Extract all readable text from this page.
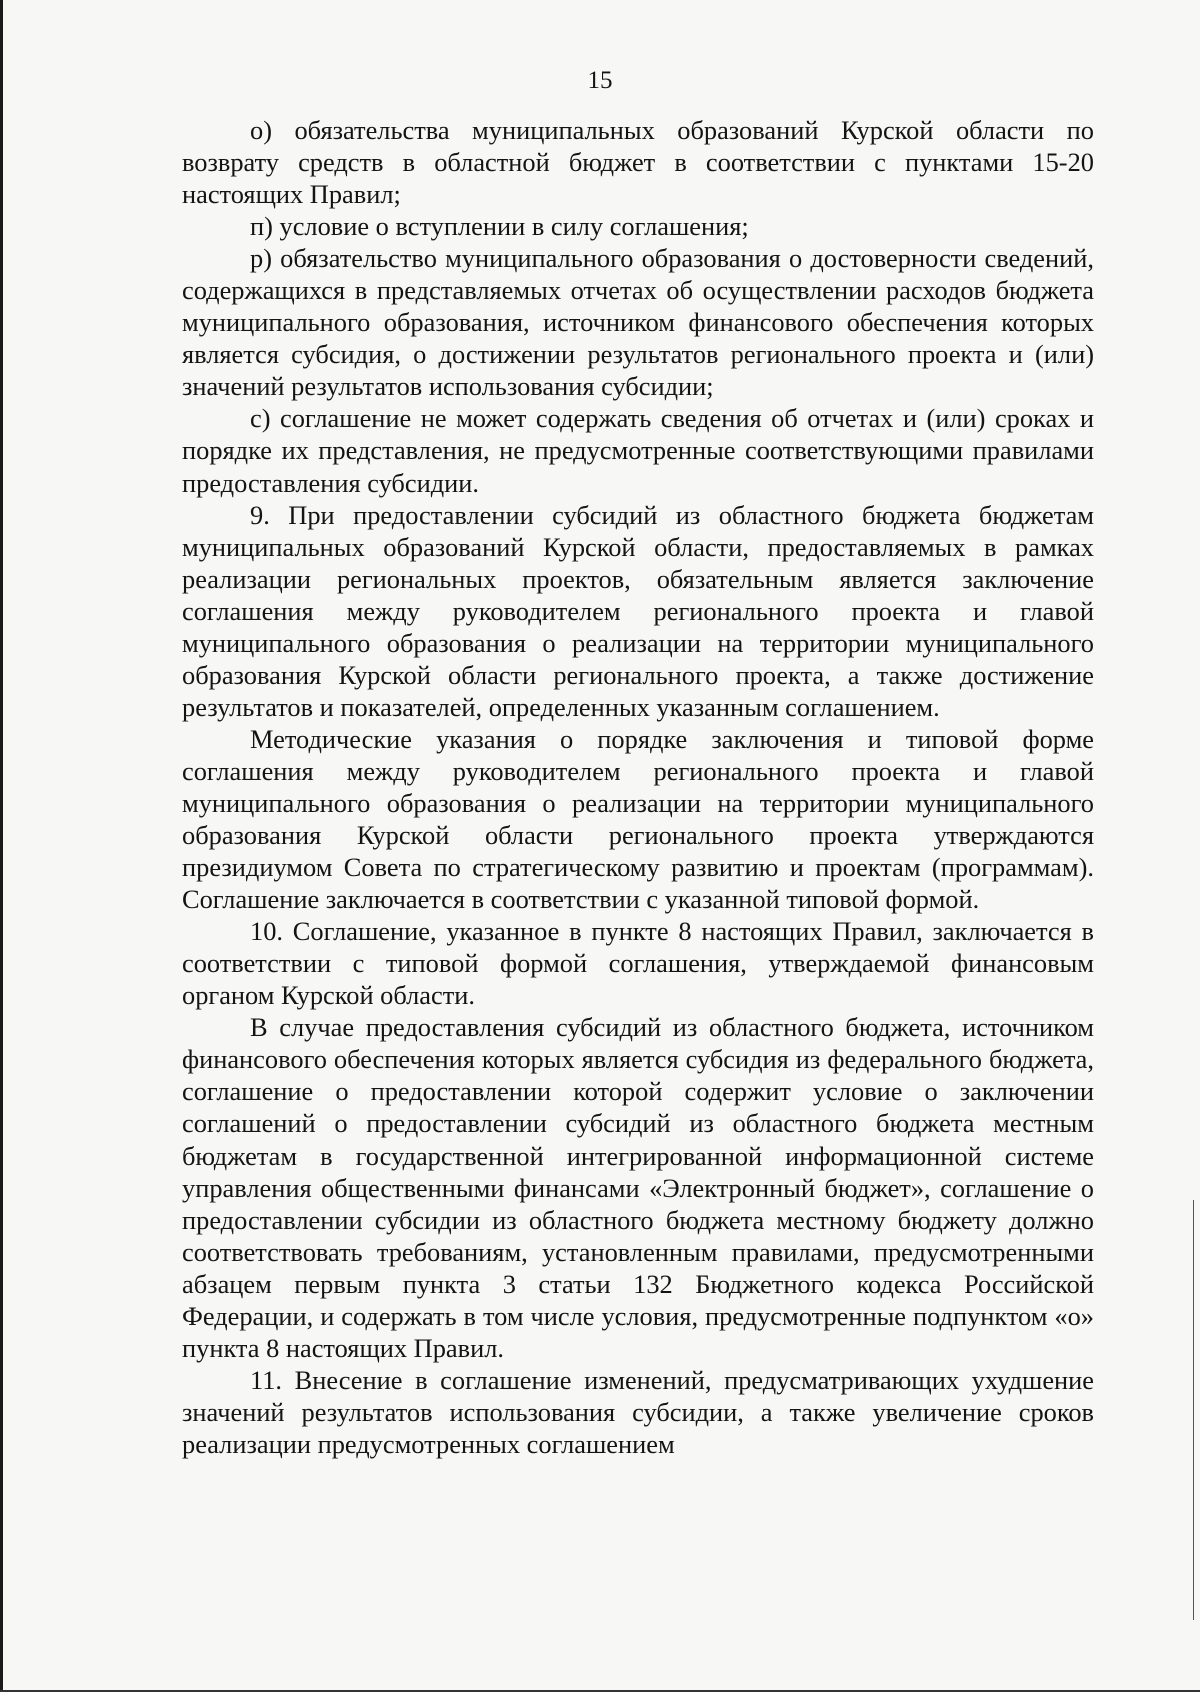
15

о) обязательства муниципальных образований Курской области по возврату средств в областной бюджет в соответствии с пунктами 15-20 настоящих Правил;

п) условие о вступлении в силу соглашения;

р) обязательство муниципального образования о достоверности сведений, содержащихся в представляемых отчетах об осуществлении расходов бюджета муниципального образования, источником финансового обеспечения которых является субсидия, о достижении результатов регионального проекта и (или) значений результатов использования субсидии;

с) соглашение не может содержать сведения об отчетах и (или) сроках и порядке их представления, не предусмотренные соответствующими правилами предоставления субсидии.

9. При предоставлении субсидий из областного бюджета бюджетам муниципальных образований Курской области, предоставляемых в рамках реализации региональных проектов, обязательным является заключение соглашения между руководителем регионального проекта и главой муниципального образования о реализации на территории муниципального образования Курской области регионального проекта, а также достижение результатов и показателей, определенных указанным соглашением.

Методические указания о порядке заключения и типовой форме соглашения между руководителем регионального проекта и главой муниципального образования о реализации на территории муниципального образования Курской области регионального проекта утверждаются президиумом Совета по стратегическому развитию и проектам (программам). Соглашение заключается в соответствии с указанной типовой формой.

10. Соглашение, указанное в пункте 8 настоящих Правил, заключается в соответствии с типовой формой соглашения, утверждаемой финансовым органом Курской области.

В случае предоставления субсидий из областного бюджета, источником финансового обеспечения которых является субсидия из федерального бюджета, соглашение о предоставлении которой содержит условие о заключении соглашений о предоставлении субсидий из областного бюджета местным бюджетам в государственной интегрированной информационной системе управления общественными финансами «Электронный бюджет», соглашение о предоставлении субсидии из областного бюджета местному бюджету должно соответствовать требованиям, установленным правилами, предусмотренными абзацем первым пункта 3 статьи 132 Бюджетного кодекса Российской Федерации, и содержать в том числе условия, предусмотренные подпунктом «о» пункта 8 настоящих Правил.

11. Внесение в соглашение изменений, предусматривающих ухудшение значений результатов использования субсидии, а также увеличение сроков реализации предусмотренных соглашением
